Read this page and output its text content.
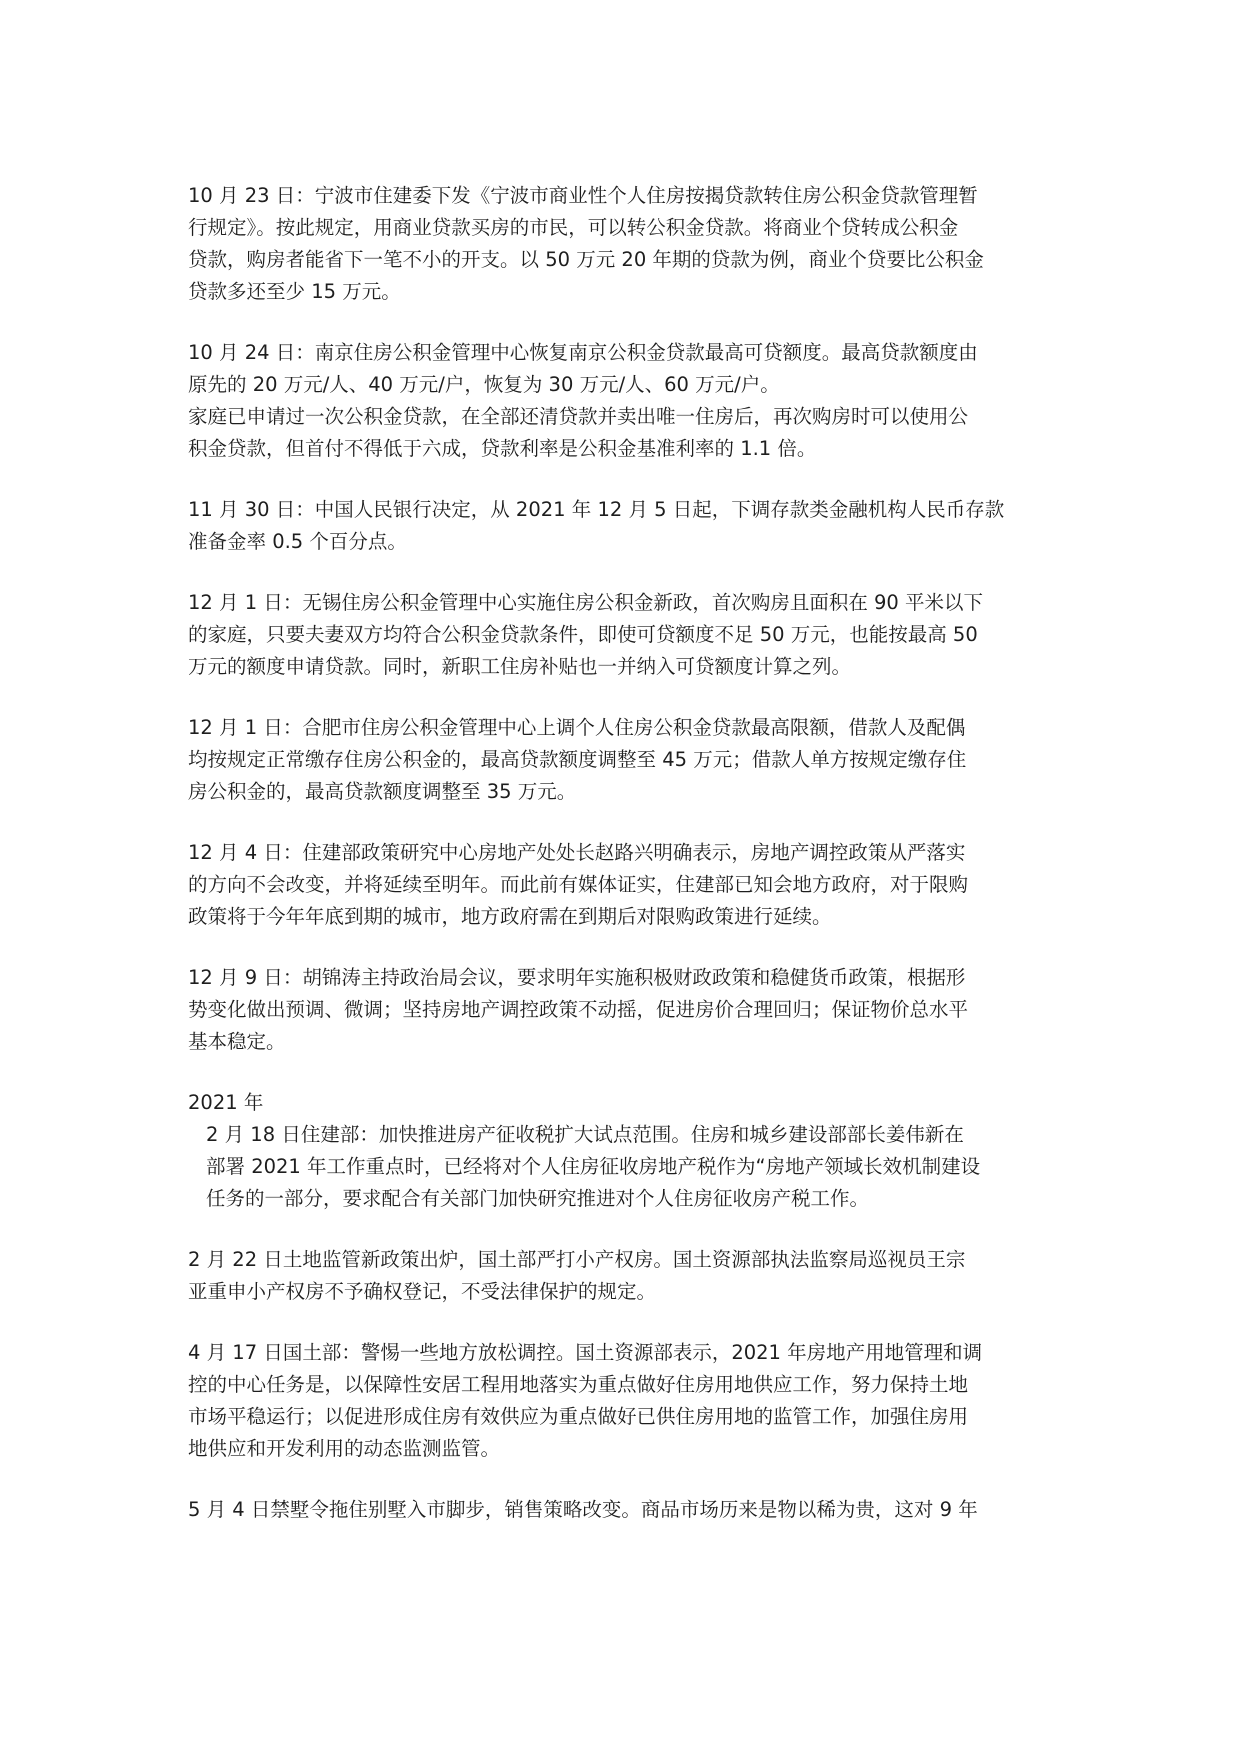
10 月 23 日：宁波市住建委下发《宁波市商业性个人住房按揭贷款转住房公积金贷款管理暂
行规定》。按此规定，用商业贷款买房的市民，可以转公积金贷款。将商业个贷转成公积金
贷款，购房者能省下一笔不小的开支。以 50 万元 20 年期的贷款为例，商业个贷要比公积金
贷款多还至少 15 万元。
10 月 24 日：南京住房公积金管理中心恢复南京公积金贷款最高可贷额度。最高贷款额度由
原先的 20 万元/人、40 万元/户，恢复为 30 万元/人、60 万元/户。
家庭已申请过一次公积金贷款，在全部还清贷款并卖出唯一住房后，再次购房时可以使用公
积金贷款，但首付不得低于六成，贷款利率是公积金基准利率的 1.1 倍。
11 月 30 日：中国人民银行决定，从 2021 年 12 月 5 日起，下调存款类金融机构人民币存款
准备金率 0.5 个百分点。
12 月 1 日：无锡住房公积金管理中心实施住房公积金新政，首次购房且面积在 90 平米以下
的家庭，只要夫妻双方均符合公积金贷款条件，即使可贷额度不足 50 万元，也能按最高 50
万元的额度申请贷款。同时，新职工住房补贴也一并纳入可贷额度计算之列。
12 月 1 日：合肥市住房公积金管理中心上调个人住房公积金贷款最高限额，借款人及配偶
均按规定正常缴存住房公积金的，最高贷款额度调整至 45 万元；借款人单方按规定缴存住
房公积金的，最高贷款额度调整至 35 万元。
12 月 4 日：住建部政策研究中心房地产处处长赵路兴明确表示，房地产调控政策从严落实
的方向不会改变，并将延续至明年。而此前有媒体证实，住建部已知会地方政府，对于限购
政策将于今年年底到期的城市，地方政府需在到期后对限购政策进行延续。
12 月 9 日：胡锦涛主持政治局会议，要求明年实施积极财政政策和稳健货币政策，根据形
势变化做出预调、微调；坚持房地产调控政策不动摇，促进房价合理回归；保证物价总水平
基本稳定。
2021 年
2 月 18 日住建部：加快推进房产征收税扩大试点范围。住房和城乡建设部部长姜伟新在
部署 2021 年工作重点时，已经将对个人住房征收房地产税作为“房地产领域长效机制建设
任务的一部分，要求配合有关部门加快研究推进对个人住房征收房产税工作。
2 月 22 日土地监管新政策出炉，国土部严打小产权房。国土资源部执法监察局巡视员王宗
亚重申小产权房不予确权登记，不受法律保护的规定。
4 月 17 日国土部：警惕一些地方放松调控。国土资源部表示，2021 年房地产用地管理和调
控的中心任务是，以保障性安居工程用地落实为重点做好住房用地供应工作，努力保持土地
市场平稳运行；以促进形成住房有效供应为重点做好已供住房用地的监管工作，加强住房用
地供应和开发利用的动态监测监管。
5 月 4 日禁墅令拖住别墅入市脚步，销售策略改变。商品市场历来是物以稀为贵，这对 9 年
